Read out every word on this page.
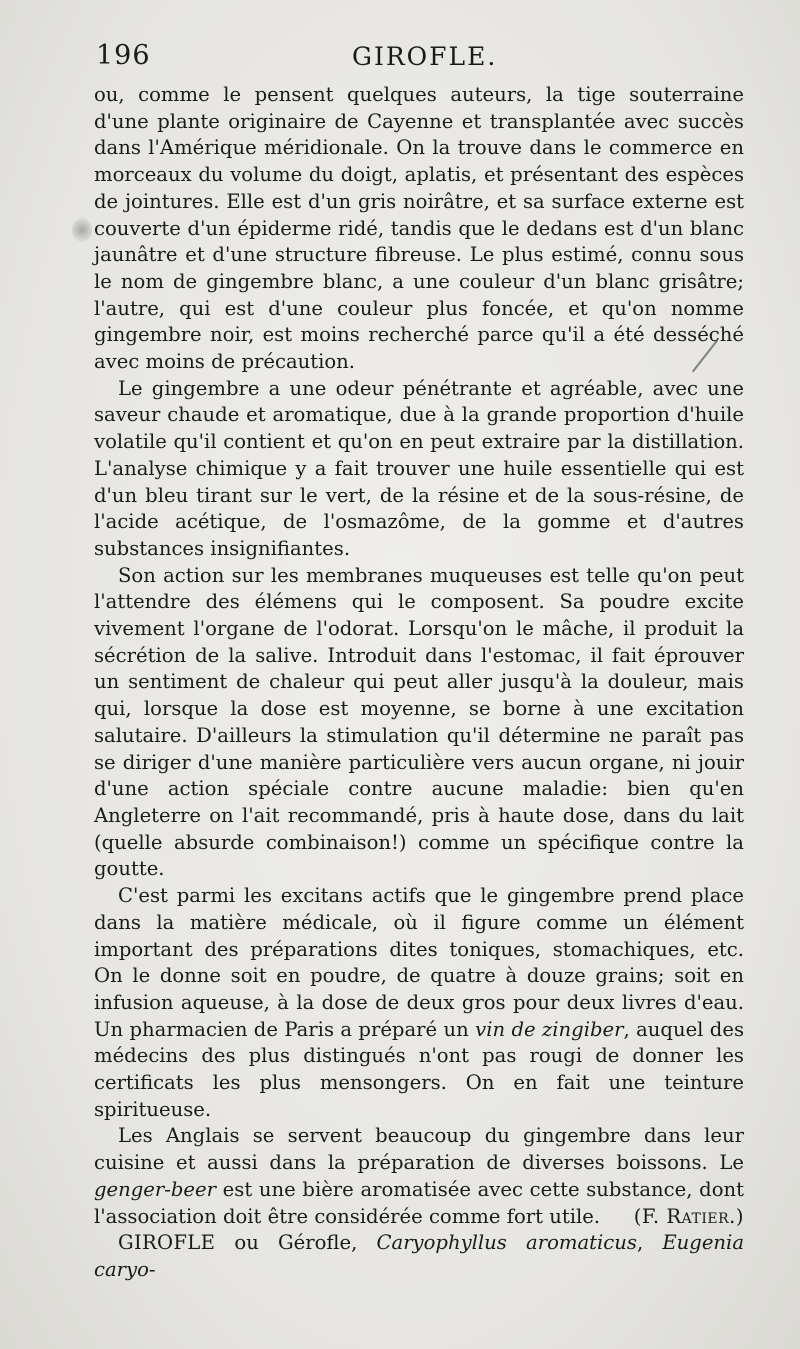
196	GIROFLE.

ou, comme le pensent quelques auteurs, la tige souterraine d'une plante originaire de Cayenne et transplantée avec succès dans l'Amérique méridionale. On la trouve dans le commerce en morceaux du volume du doigt, aplatis, et présentant des espèces de jointures. Elle est d'un gris noirâtre, et sa surface externe est couverte d'un épiderme ridé, tandis que le dedans est d'un blanc jaunâtre et d'une structure fibreuse. Le plus estimé, connu sous le nom de gingembre blanc, a une couleur d'un blanc grisâtre; l'autre, qui est d'une couleur plus foncée, et qu'on nomme gingembre noir, est moins recherché parce qu'il a été desséché avec moins de précaution.

Le gingembre a une odeur pénétrante et agréable, avec une saveur chaude et aromatique, due à la grande proportion d'huile volatile qu'il contient et qu'on en peut extraire par la distillation. L'analyse chimique y a fait trouver une huile essentielle qui est d'un bleu tirant sur le vert, de la résine et de la sous-résine, de l'acide acétique, de l'osmazôme, de la gomme et d'autres substances insignifiantes.

Son action sur les membranes muqueuses est telle qu'on peut l'attendre des élémens qui le composent. Sa poudre excite vivement l'organe de l'odorat. Lorsqu'on le mâche, il produit la sécrétion de la salive. Introduit dans l'estomac, il fait éprouver un sentiment de chaleur qui peut aller jusqu'à la douleur, mais qui, lorsque la dose est moyenne, se borne à une excitation salutaire. D'ailleurs la stimulation qu'il détermine ne paraît pas se diriger d'une manière particulière vers aucun organe, ni jouir d'une action spéciale contre aucune maladie: bien qu'en Angleterre on l'ait recommandé, pris à haute dose, dans du lait (quelle absurde combinaison!) comme un spécifique contre la goutte.

C'est parmi les excitans actifs que le gingembre prend place dans la matière médicale, où il figure comme un élément important des préparations dites toniques, stomachiques, etc. On le donne soit en poudre, de quatre à douze grains; soit en infusion aqueuse, à la dose de deux gros pour deux livres d'eau. Un pharmacien de Paris a préparé un vin de zingiber, auquel des médecins des plus distingués n'ont pas rougi de donner les certificats les plus mensongers. On en fait une teinture spiritueuse.

Les Anglais se servent beaucoup du gingembre dans leur cuisine et aussi dans la préparation de diverses boissons. Le genger-beer est une bière aromatisée avec cette substance, dont l'association doit être considérée comme fort utile.	(F. Ratier.)

GIROFLE ou Gérofle, Caryophyllus aromaticus, Eugenia caryo-
